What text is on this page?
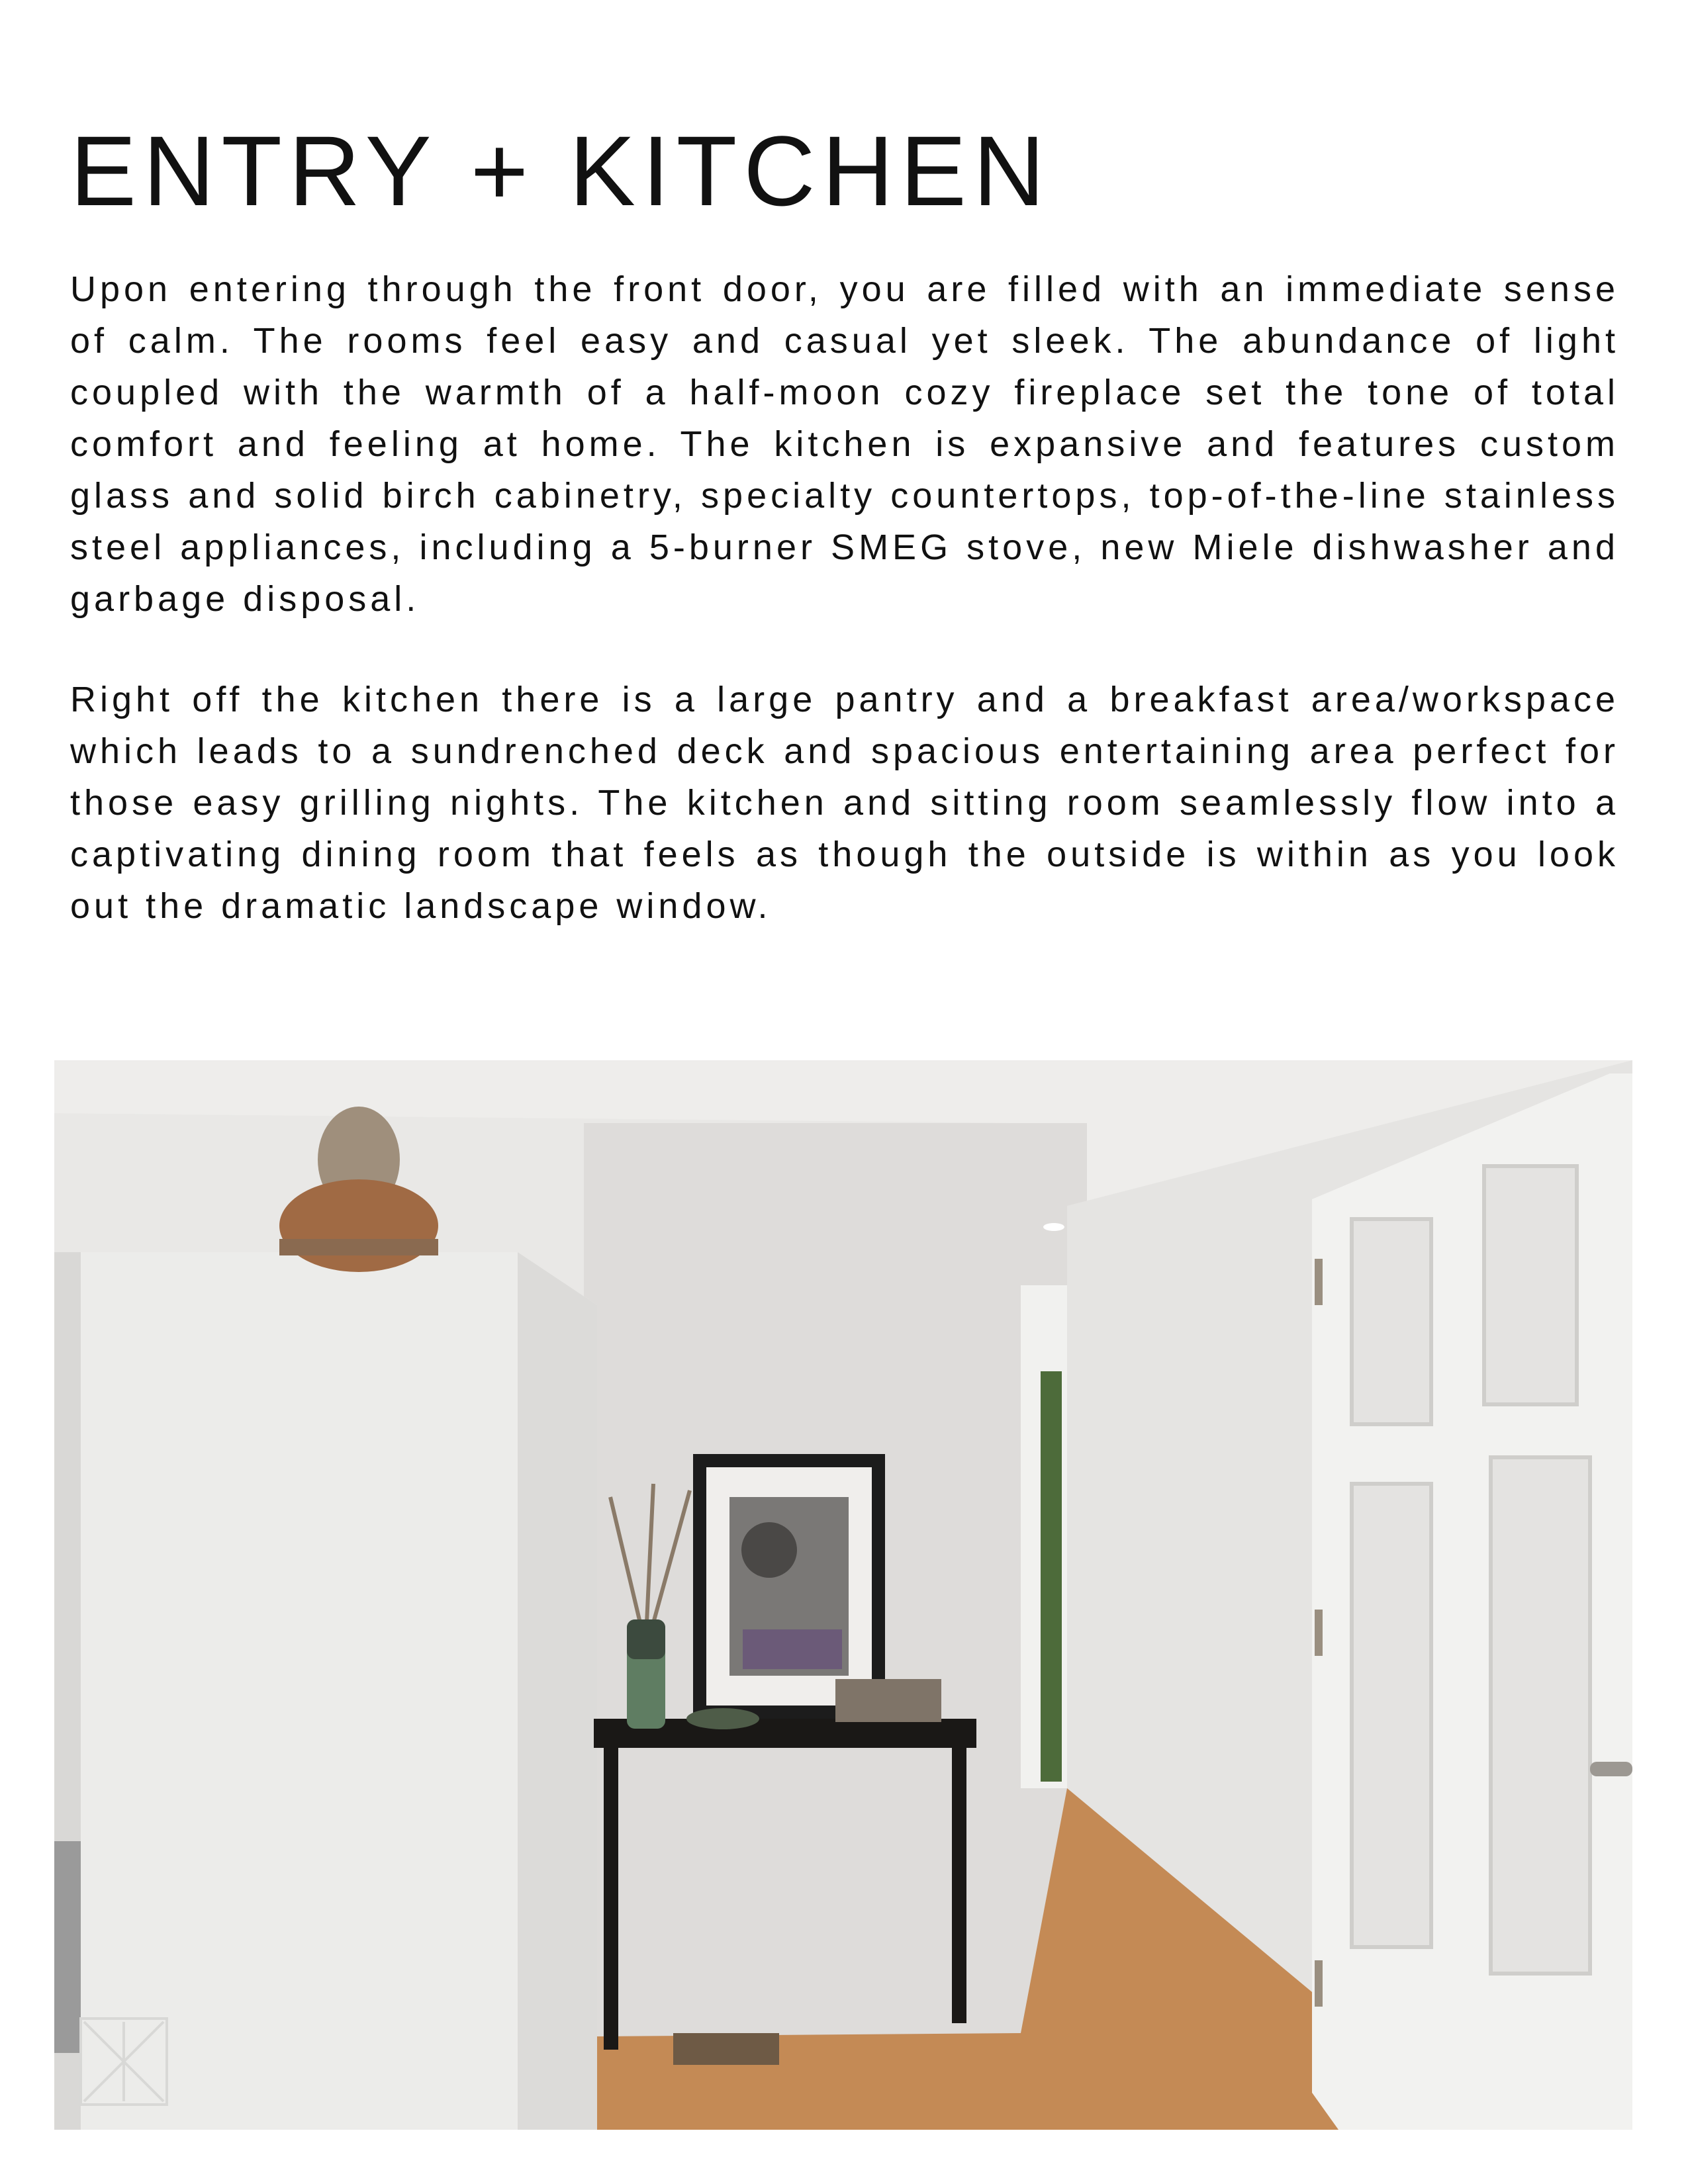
ENTRY + KITCHEN

Upon entering through the front door, you are filled with an immediate sense of calm. The rooms feel easy and casual yet sleek. The abundance of light coupled with the warmth of a half-moon cozy fireplace set the tone of total comfort and feeling at home. The kitchen is expansive and features custom glass and solid birch cabinetry, specialty countertops, top-of-the-line stainless steel appliances, including a 5-burner SMEG stove, new Miele dishwasher and garbage disposal.

Right off the kitchen there is a large pantry and a breakfast area/workspace which leads to a sundrenched deck and spacious entertaining area perfect for those easy grilling nights. The kitchen and sitting room seamlessly flow into a captivating dining room that feels as though the outside is within as you look out the dramatic landscape window.
